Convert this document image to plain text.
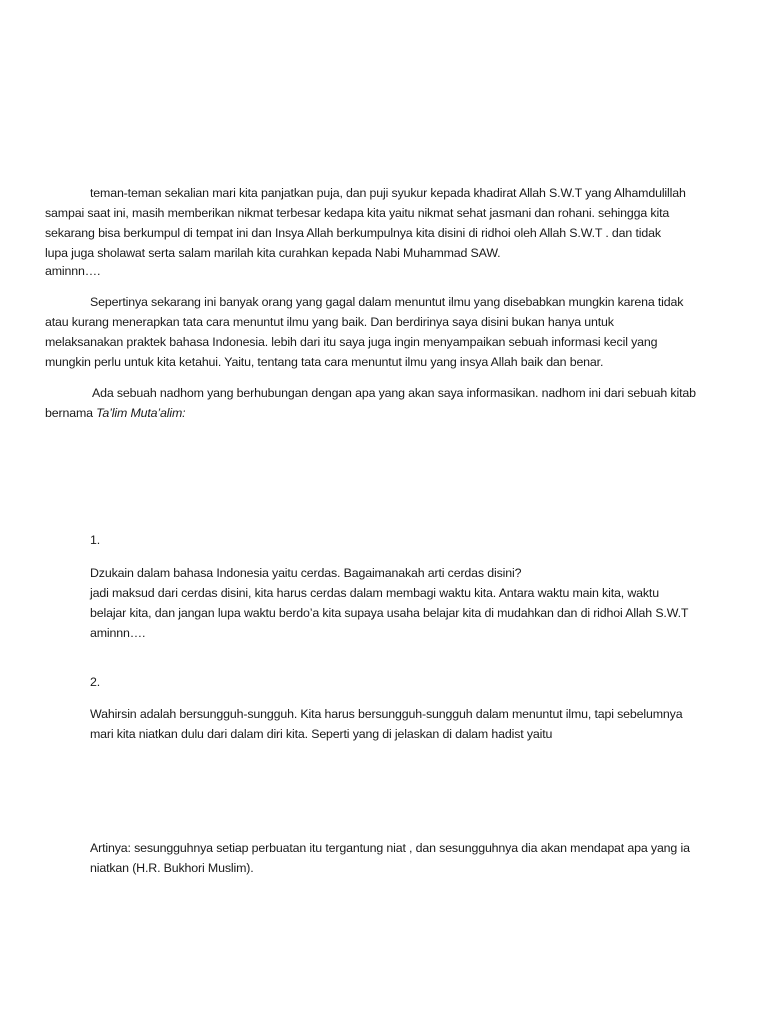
teman-teman sekalian mari kita panjatkan puja, dan puji syukur kepada khadirat Allah S.W.T yang Alhamdulillah
sampai saat ini, masih memberikan nikmat terbesar kedapa kita yaitu nikmat sehat jasmani dan rohani. sehingga kita
sekarang bisa berkumpul di tempat ini dan Insya Allah berkumpulnya kita disini di ridhoi oleh Allah S.W.T . dan tidak
lupa juga sholawat serta salam marilah kita curahkan kepada Nabi Muhammad SAW.
aminnn….
Sepertinya sekarang ini banyak orang yang gagal dalam menuntut ilmu yang disebabkan mungkin karena tidak
atau kurang menerapkan tata cara menuntut ilmu yang baik. Dan berdirinya saya disini bukan hanya untuk
melaksanakan praktek bahasa Indonesia. lebih dari itu saya juga ingin menyampaikan sebuah informasi kecil yang
mungkin perlu untuk kita ketahui. Yaitu, tentang tata cara menuntut ilmu yang insya Allah baik dan benar.
Ada sebuah nadhom yang berhubungan dengan apa yang akan saya informasikan. nadhom ini dari sebuah kitab
bernama Ta’lim Muta’alim:
1.
Dzukain dalam bahasa Indonesia yaitu cerdas. Bagaimanakah arti cerdas disini?
jadi maksud dari cerdas disini, kita harus cerdas dalam membagi waktu kita. Antara waktu main kita, waktu
belajar kita, dan jangan lupa waktu berdo’a kita supaya usaha belajar kita di mudahkan dan di ridhoi Allah S.W.T
aminnn….
2.
Wahirsin adalah bersungguh-sungguh. Kita harus bersungguh-sungguh dalam menuntut ilmu, tapi sebelumnya
mari kita niatkan dulu dari dalam diri kita. Seperti yang di jelaskan di dalam hadist yaitu
Artinya: sesungguhnya setiap perbuatan itu tergantung niat , dan sesungguhnya dia akan mendapat apa yang ia
niatkan (H.R. Bukhori Muslim).
